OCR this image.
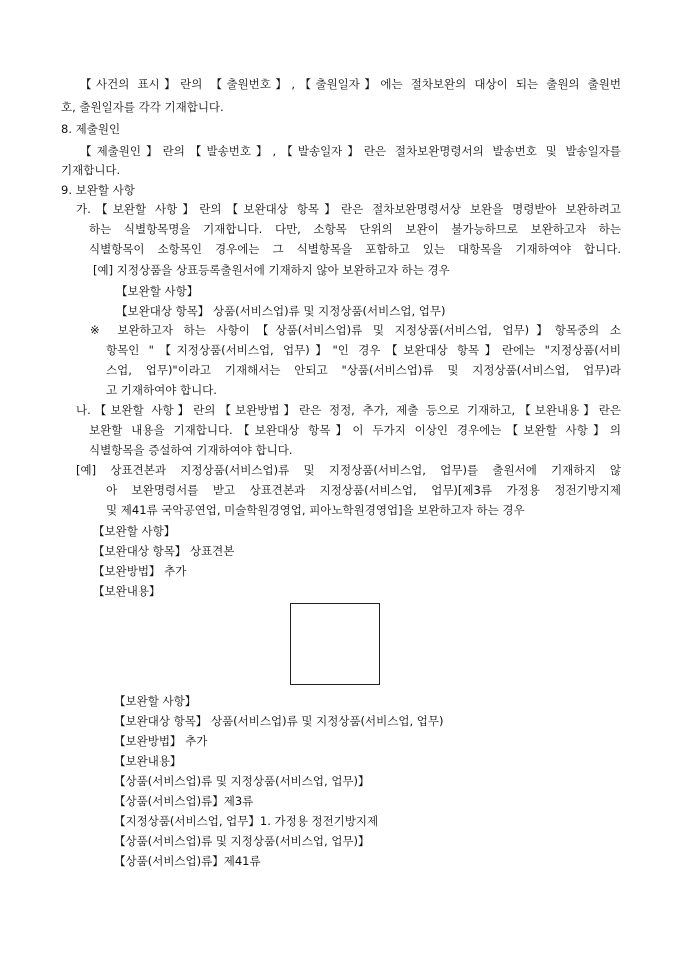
【사건의 표시】란의 【출원번호】,【출원일자】에는 절차보완의 대상이 되는 출원의 출원번
호, 출원일자를 각각 기재합니다.
8. 제출원인
【제출원인】란의【발송번호】,【발송일자】란은 절차보완명령서의 발송번호 및 발송일자를
기재합니다.
9. 보완할 사항
가.【보완할 사항】란의【보완대상 항목】란은 절차보완명령서상 보완을 명령받아 보완하려고
하는 식별항목명을 기재합니다. 다만, 소항목 단위의 보완이 불가능하므로 보완하고자 하는
식별항목이 소항목인 경우에는 그 식별항목을 포함하고 있는 대항목을 기재하여야 합니다.
[예] 지정상품을 상표등록출원서에 기재하지 않아 보완하고자 하는 경우
【보완할 사항】
【보완대상 항목】 상품(서비스업)류 및 지정상품(서비스업, 업무)
※ 보완하고자 하는 사항이【상품(서비스업)류 및 지정상품(서비스업, 업무)】항목중의 소
항목인 "【지정상품(서비스업, 업무)】"인 경우【보완대상 항목】란에는 "지정상품(서비
스업, 업무)"이라고 기재해서는 안되고 "상품(서비스업)류 및 지정상품(서비스업, 업무)라
고 기재하여야 합니다.
나.【보완할 사항】란의【보완방법】란은 정정, 추가, 제출 등으로 기재하고,【보완내용】란은
보완할 내용을 기재합니다.【보완대상 항목】이 두가지 이상인 경우에는【보완할 사항】의
식별항목을 증설하여 기재하여야 합니다.
[예] 상표견본과 지정상품(서비스업)류 및 지정상품(서비스업, 업무)를 출원서에 기재하지 않
아 보완명령서를 받고 상표견본과 지정상품(서비스업, 업무)[제3류 가정용 정전기방지제
및 제41류 국악공연업, 미술학원경영업, 피아노학원경영업]을 보완하고자 하는 경우
【보완할 사항】
【보완대상 항목】 상표견본
【보완방법】 추가
【보완내용】
【보완할 사항】
【보완대상 항목】 상품(서비스업)류 및 지정상품(서비스업, 업무)
【보완방법】 추가
【보완내용】
【상품(서비스업)류 및 지정상품(서비스업, 업무)】
【상품(서비스업)류】제3류
【지정상품(서비스업, 업무】1. 가정용 정전기방지제
【상품(서비스업)류 및 지정상품(서비스업, 업무)】
【상품(서비스업)류】제41류
